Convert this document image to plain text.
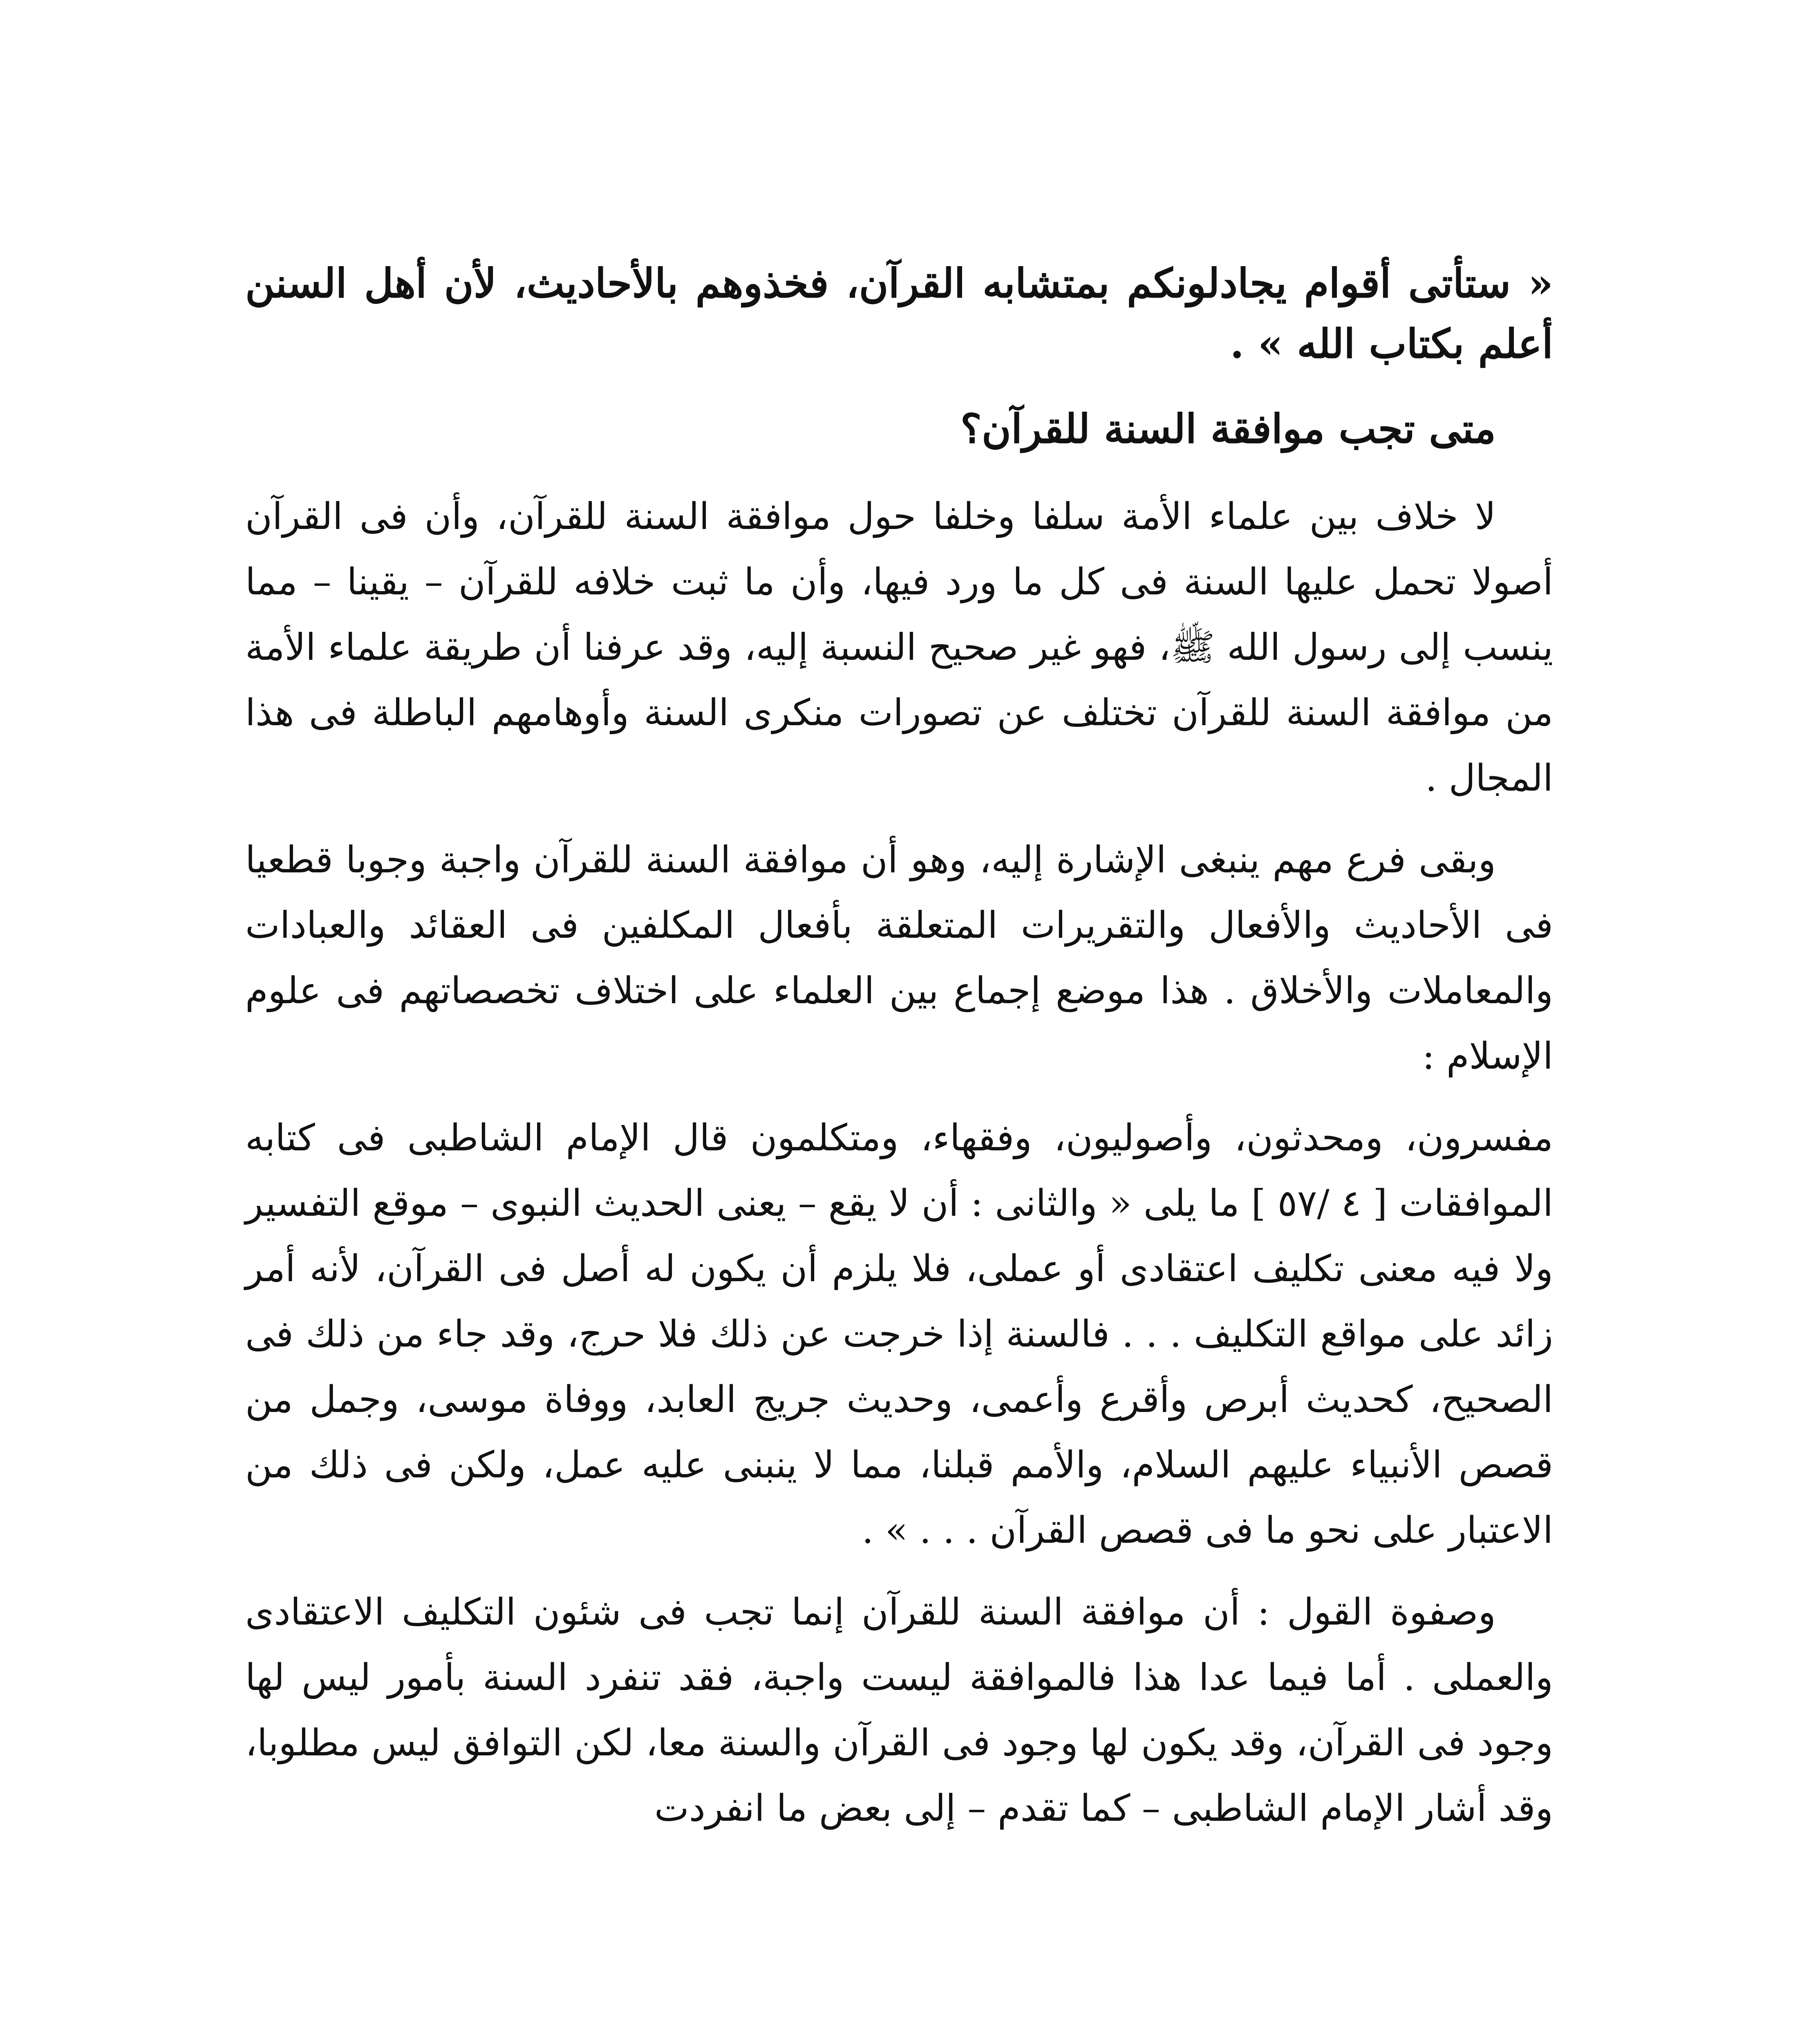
« ستأتى أقوام يجادلونكم بمتشابه القرآن، فخذوهم بالأحاديث، لأن أهل السنن أعلم بكتاب الله » .

متى تجب موافقة السنة للقرآن؟

لا خلاف بين علماء الأمة سلفا وخلفا حول موافقة السنة للقرآن، وأن فى القرآن أصولا تحمل عليها السنة فى كل ما ورد فيها، وأن ما ثبت خلافه للقرآن – يقينا – مما ينسب إلى رسول الله ﷺ، فهو غير صحيح النسبة إليه، وقد عرفنا أن طريقة علماء الأمة من موافقة السنة للقرآن تختلف عن تصورات منكرى السنة وأوهامهم الباطلة فى هذا المجال .

وبقى فرع مهم ينبغى الإشارة إليه، وهو أن موافقة السنة للقرآن واجبة وجوبا قطعيا فى الأحاديث والأفعال والتقريرات المتعلقة بأفعال المكلفين فى العقائد والعبادات والمعاملات والأخلاق . هذا موضع إجماع بين العلماء على اختلاف تخصصاتهم فى علوم الإسلام :

مفسرون، ومحدثون، وأصوليون، وفقهاء، ومتكلمون قال الإمام الشاطبى فى كتابه الموافقات [ ٤ /٥٧ ] ما يلى « والثانى : أن لا يقع – يعنى الحديث النبوى – موقع التفسير ولا فيه معنى تكليف اعتقادى أو عملى، فلا يلزم أن يكون له أصل فى القرآن، لأنه أمر زائد على مواقع التكليف . . . فالسنة إذا خرجت عن ذلك فلا حرج، وقد جاء من ذلك فى الصحيح، كحديث أبرص وأقرع وأعمى، وحديث جريج العابد، ووفاة موسى، وجمل من قصص الأنبياء عليهم السلام، والأمم قبلنا، مما لا ينبنى عليه عمل، ولكن فى ذلك من الاعتبار على نحو ما فى قصص القرآن . . . » .

وصفوة القول : أن موافقة السنة للقرآن إنما تجب فى شئون التكليف الاعتقادى والعملى . أما فيما عدا هذا فالموافقة ليست واجبة، فقد تنفرد السنة بأمور ليس لها وجود فى القرآن، وقد يكون لها وجود فى القرآن والسنة معا، لكن التوافق ليس مطلوبا، وقد أشار الإمام الشاطبى – كما تقدم – إلى بعض ما انفردت
